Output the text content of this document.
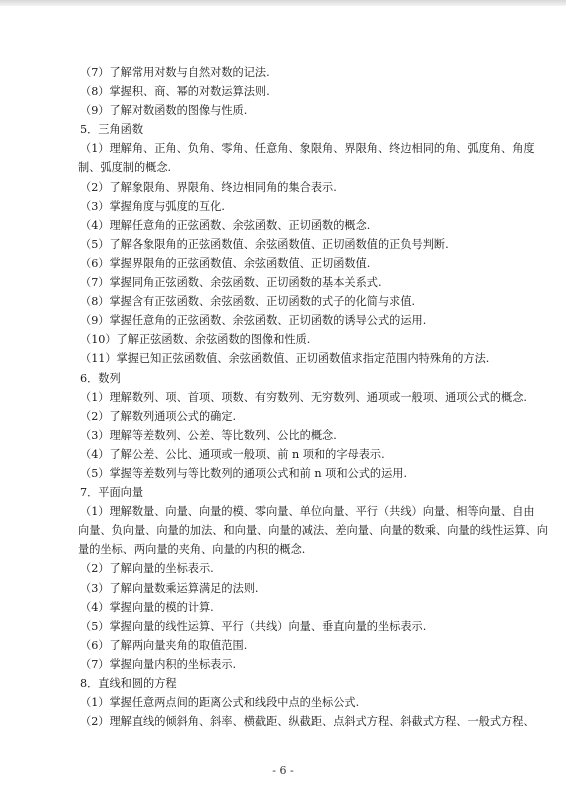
（7）了解常用对数与自然对数的记法.
（8）掌握积、商、幂的对数运算法则.
（9）了解对数函数的图像与性质.
5．三角函数
（1）理解角、正角、负角、零角、任意角、象限角、界限角、终边相同的角、弧度角、角度
制、弧度制的概念.
（2）了解象限角、界限角、终边相同角的集合表示.
（3）掌握角度与弧度的互化.
（4）理解任意角的正弦函数、余弦函数、正切函数的概念.
（5）了解各象限角的正弦函数值、余弦函数值、正切函数值的正负号判断.
（6）掌握界限角的正弦函数值、余弦函数值、正切函数值.
（7）掌握同角正弦函数、余弦函数、正切函数的基本关系式.
（8）掌握含有正弦函数、余弦函数、正切函数的式子的化简与求值.
（9）掌握任意角的正弦函数、余弦函数、正切函数的诱导公式的运用.
（10）了解正弦函数、余弦函数的图像和性质.
（11）掌握已知正弦函数值、余弦函数值、正切函数值求指定范围内特殊角的方法.
6．数列
（1）理解数列、项、首项、项数、有穷数列、无穷数列、通项或一般项、通项公式的概念.
（2）了解数列通项公式的确定.
（3）理解等差数列、公差、等比数列、公比的概念.
（4）了解公差、公比、通项或一般项、前 n 项和的字母表示.
（5）掌握等差数列与等比数列的通项公式和前 n 项和公式的运用.
7．平面向量
（1）理解数量、向量、向量的模、零向量、单位向量、平行（共线）向量、相等向量、自由
向量、负向量、向量的加法、和向量、向量的减法、差向量、向量的数乘、向量的线性运算、向
量的坐标、两向量的夹角、向量的内积的概念.
（2）了解向量的坐标表示.
（3）了解向量数乘运算满足的法则.
（4）掌握向量的模的计算.
（5）掌握向量的线性运算、平行（共线）向量、垂直向量的坐标表示.
（6）了解两向量夹角的取值范围.
（7）掌握向量内积的坐标表示.
8．直线和圆的方程
（1）掌握任意两点间的距离公式和线段中点的坐标公式.
（2）理解直线的倾斜角、斜率、横截距、纵截距、点斜式方程、斜截式方程、一般式方程、
- 6 -
